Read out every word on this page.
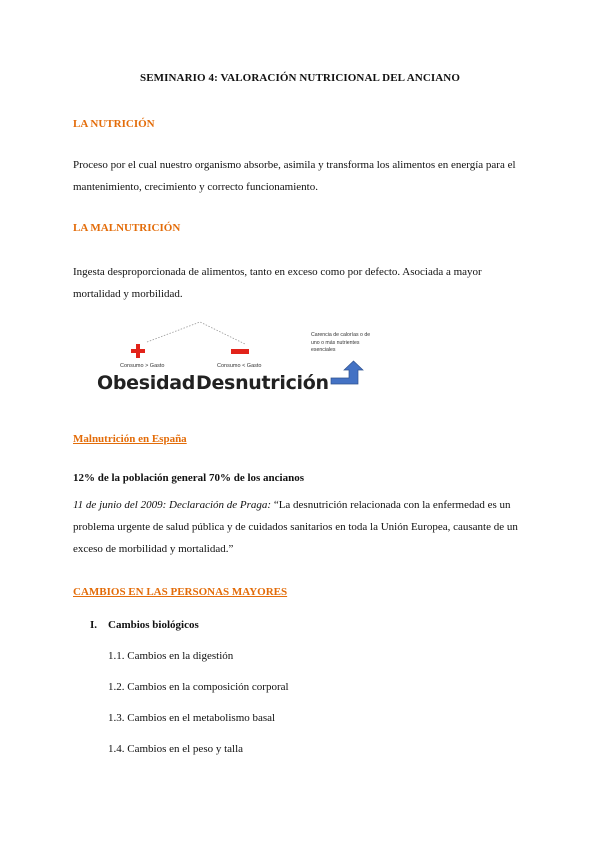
SEMINARIO 4: VALORACIÓN NUTRICIONAL DEL ANCIANO
LA NUTRICIÓN
Proceso por el cual nuestro organismo absorbe, asimila y transforma los alimentos en energía para el
mantenimiento, crecimiento y correcto funcionamiento.
LA MALNUTRICIÓN
Ingesta desproporcionada de alimentos, tanto en exceso como por defecto. Asociada a mayor
mortalidad y morbilidad.
Consumo > Gasto	Consumo < Gasto
Obesidad Desnutrición
Carencia de calorías o de
uno o más nutrientes
esenciales
Malnutrición en España
12% de la población general 70% de los ancianos
11 de junio del 2009: Declaración de Praga: “La desnutrición relacionada con la enfermedad es un
problema urgente de salud pública y de cuidados sanitarios en toda la Unión Europea, causante de un
exceso de morbilidad y mortalidad.”
CAMBIOS EN LAS PERSONAS MAYORES
I. Cambios biológicos
1.1. Cambios en la digestión
1.2. Cambios en la composición corporal
1.3. Cambios en el metabolismo basal
1.4. Cambios en el peso y talla
